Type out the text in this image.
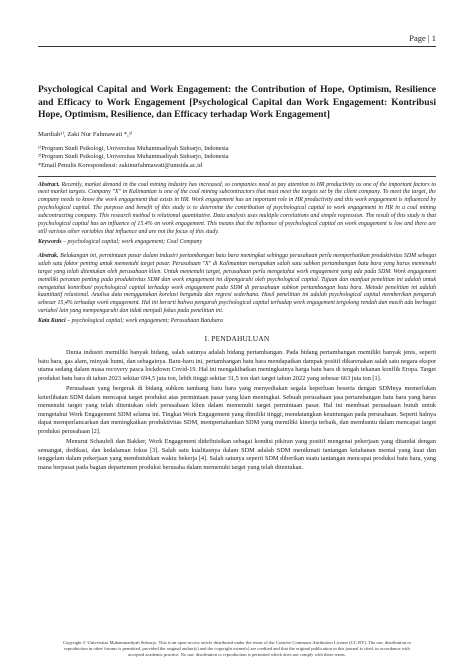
Page | 1
Psychological Capital and Work Engagement: the Contribution of Hope, Optimism, Resilience and Efficacy to Work Engagement [Psychological Capital dan Work Engagement: Kontribusi Hope, Optimism, Resilience, dan Efficacy terhadap Work Engagement]
Mardiah¹⁾, Zaki Nur Fahmawati *,²⁾
¹⁾Program Studi Psikologi, Universitas Muhammadiyah Sidoarjo, Indonesia
²⁾Program Studi Psikologi, Universitas Muhammadiyah Sidoarjo, Indonesia
*Email Penulis Korespondensi: zakinurfahmawati@umsida.ac.id
Abstract. Recently, market demand in the coal mining industry has increased, so companies need to pay attention to HR productivity as one of the important factors to meet market targets. Company "X" in Kalimantan is one of the coal mining subcontractors that must meet the targets set by the client company. To meet the target, the company needs to know the work engagement that exists in HR. Work engagement has an important role in HR productivity and this work engagement is influenced by psychological capital. The purpose and benefit of this study is to determine the contribution of psychological capital to work engagement in HR in a coal mining subcontracting company. This research method is relational quantitative. Data analysis uses multiple correlations and simple regression. The result of this study is that psychological capital has an influence of 15.4% on work engagement. This means that the influence of psychological capital on work engagement is low and there are still various other variables that influence and are not the focus of this study.
Keywords – psychological capital; work engagement; Coal Company
Abstrak. Belakangan ini, permintaan pasar dalam industri pertambangan batu bara meningkat sehingga perusahaan perlu memperhatikan produktivitas SDM sebagai salah satu faktor penting untuk memenuhi target pasar. Perusahaan "X" di Kalimantan merupakan salah satu subkon pertambangan batu bara yang harus memenuhi target yang telah ditentukan oleh perusahaan klien. Untuk memenuhi target, perusahaan perlu mengetahui work engagement yang ada pada SDM. Work engagement memiliki peranan penting pada produktivitas SDM dan work engagement ini dipengaruhi oleh psychological capital. Tujuan dan manfaat penelitian ini adalah untuk mengetahui kontribusi psychological capital terhadap work engagement pada SDM di perusahaan subkon pertambangan batu bara. Metode penelitian ini adalah kuantitatif relasional. Analisa data menggunakan korelasi berganda dan regresi sederhana. Hasil penelitian ini adalah psychological capital memberikan pengaruh sebesar 15,4% terhadap work engagement. Hal ini berarti bahwa pengaruh psychological capital terhadap work engagement tergolong rendah dan masih ada berbagai variabel lain yang mempengaruhi dan tidak menjadi fokus pada penelitian ini.
Kata Kunci – psychological capital; work engagement; Perusahaan Batubara
I. PENDAHULUAN

Dunia industri memiliki banyak bidang, salah satunya adalah bidang pertambangan. Pada bidang pertambangan memiliki banyak jenis, seperti batu bara, gas alam, minyak bumi, dan sebagainya. Baru-baru ini, pertambangan batu bara mendapatkan dampak positif dikarenakan salah satu negara ekspor utama sedang dalam masa recovery pasca lockdown Covid-19. Hal ini mengakibatkan meningkatnya harga batu bara di tengah tekanan konflik Eropa. Target produksi batu bara di tahun 2023 sekitar 694,5 juta ton, lebih tinggi sekitar 31,5 ton dari target tahun 2022 yang sebesar 663 juta ton [1].

Perusahaan yang bergerak di bidang subkon tambang batu bara yang menyediakan segala keperluan beserta dengan SDMnya memerlukan keterlibatan SDM dalam mencapai target produksi atas permintaan pasar yang kian meningkat. Sebuah perusahaan jasa pertambangan batu bara yang harus memenuhi target yang telah ditentukan oleh perusahaan klien dalam memenuhi target permintaan pasar. Hal ini membuat perusahaan butuh untuk mengetahui Work Engagement SDM selama ini. Tingkat Work Engagement yang dimiliki tinggi, mendatangkan keuntungan pada perusahaan. Seperti halnya dapat memperlancarkan dan meningkatkan produktivitas SDM, mempertahankan SDM yang memiliki kinerja terbaik, dan membantu dalam mencapai target produksi perusahaan [2].

Menurut Schaufeli dan Bakker, Work Engagement didefinisikan sebagai kondisi pikiran yang positif mengenai pekerjaan yang ditandai dengan semangat, dedikasi, dan kedalaman fokus [3]. Salah satu kualitasnya dalam SDM adalah SDM menikmati tantangan ketahanan mental yang kuat dan tenggelam dalam pekerjaan yang membutuhkan waktu bekerja [4]. Salah satunya seperti SDM diberikan suatu tantangan mencapai produksi batu bara, yang mana berpusat pada bagian departemen produksi berusaha dalam memenuhi target yang telah ditentukan.

Copyright © Universitas Muhammadiyah Sidoarjo. This is an open-access article distributed under the terms of the Creative Commons Attribution License (CC BY). The use, distribution or reproduction in other forums is permitted, provided the original author(s) and the copyright owner(s) are credited and that the original publication in this journal is cited, in accordance with accepted academic practice. No use, distribution or reproduction is permitted which does not comply with these terms.
